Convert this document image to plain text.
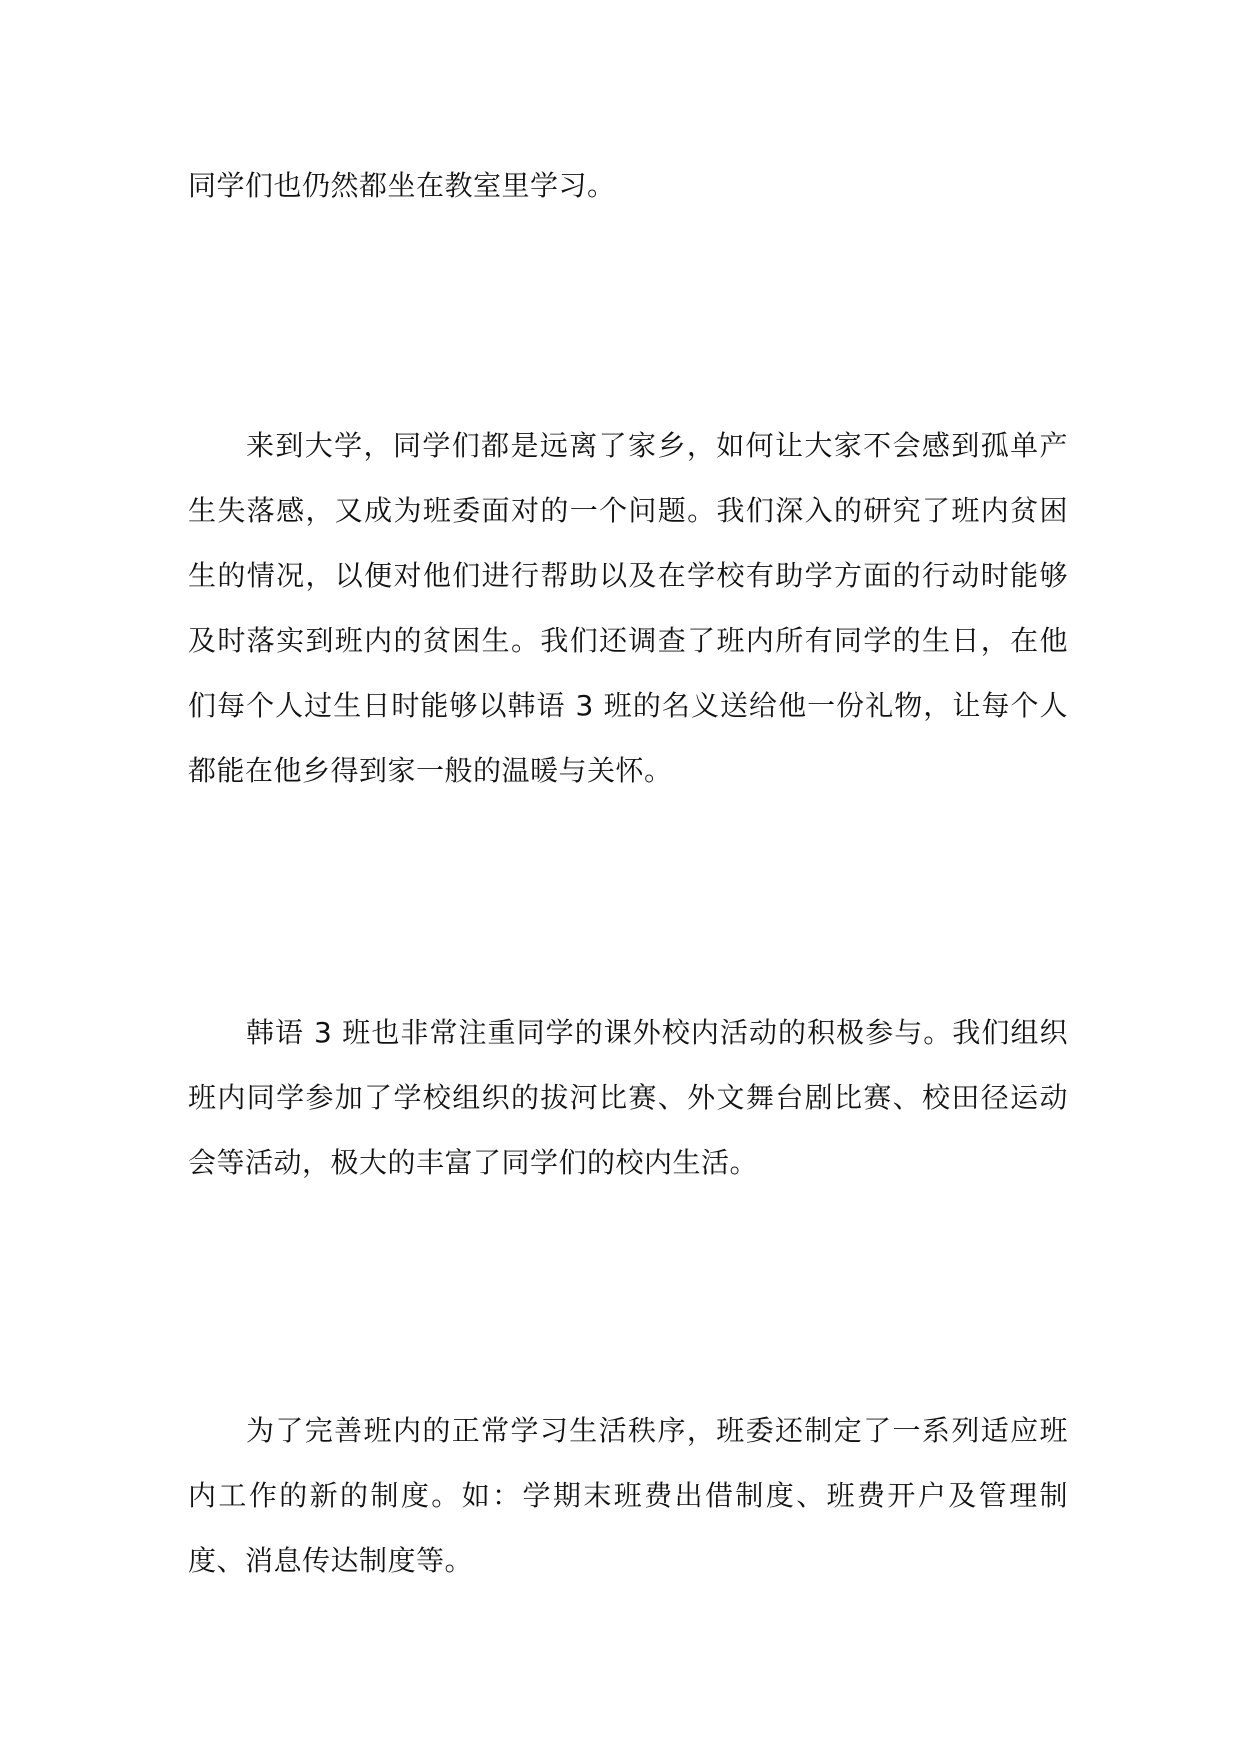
同学们也仍然都坐在教室里学习。

来到大学，同学们都是远离了家乡，如何让大家不会感到孤单产生失落感，又成为班委面对的一个问题。我们深入的研究了班内贫困生的情况，以便对他们进行帮助以及在学校有助学方面的行动时能够及时落实到班内的贫困生。我们还调查了班内所有同学的生日，在他们每个人过生日时能够以韩语 3 班的名义送给他一份礼物，让每个人都能在他乡得到家一般的温暖与关怀。

韩语 3 班也非常注重同学的课外校内活动的积极参与。我们组织班内同学参加了学校组织的拔河比赛、外文舞台剧比赛、校田径运动会等活动，极大的丰富了同学们的校内生活。

为了完善班内的正常学习生活秩序，班委还制定了一系列适应班内工作的新的制度。如：学期末班费出借制度、班费开户及管理制度、消息传达制度等。
